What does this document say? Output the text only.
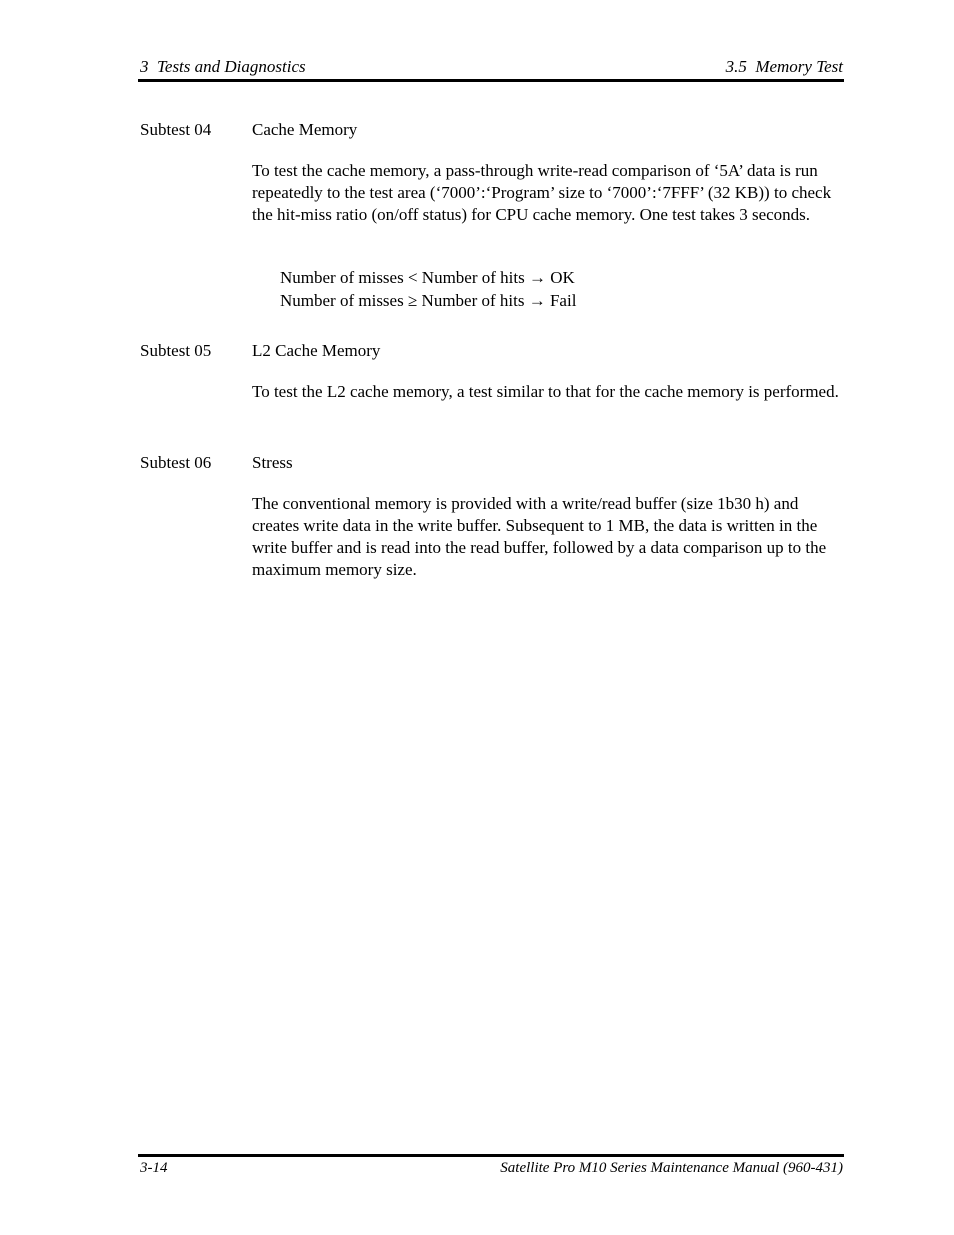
3  Tests and Diagnostics	3.5  Memory Test
Subtest 04	Cache Memory

To test the cache memory, a pass-through write-read comparison of ‘5A’ data is run repeatedly to the test area (‘7000’:‘Program’ size to ‘7000’:‘7FFF’ (32 KB)) to check the hit-miss ratio (on/off status) for CPU cache memory. One test takes 3 seconds.

Number of misses < Number of hits → OK
Number of misses ≥ Number of hits → Fail
Subtest 05	L2 Cache Memory

To test the L2 cache memory, a test similar to that for the cache memory is performed.

Subtest 06	Stress

The conventional memory is provided with a write/read buffer (size 1b30 h) and creates write data in the write buffer. Subsequent to 1 MB, the data is written in the write buffer and is read into the read buffer, followed by a data comparison up to the maximum memory size.

3-14	Satellite Pro M10 Series Maintenance Manual (960-431)
